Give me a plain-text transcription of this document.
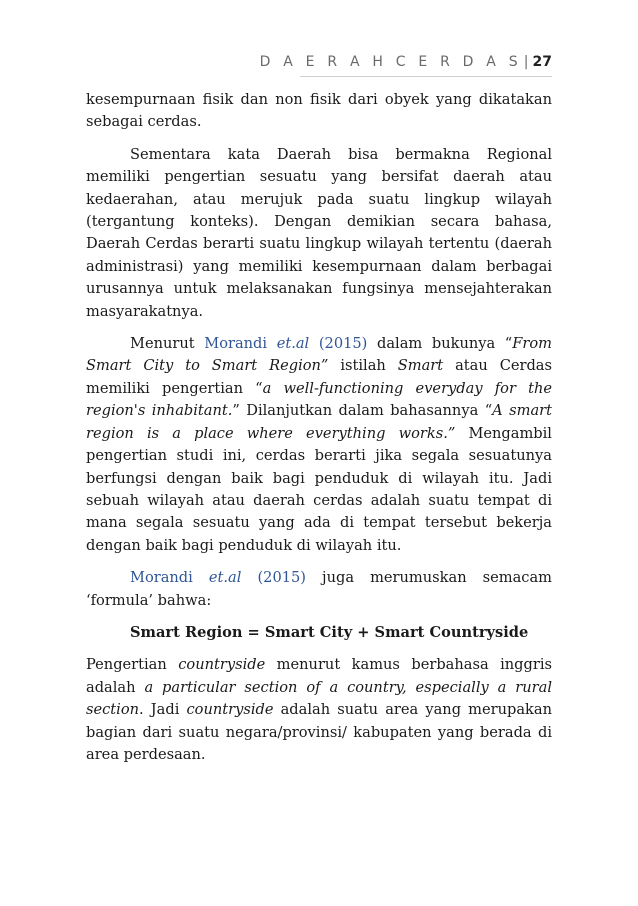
D A E R A H C E R D A S | 27

kesempurnaan fisik dan non fisik dari obyek yang dikatakan sebagai cerdas.

Sementara kata Daerah bisa bermakna Regional memiliki pengertian sesuatu yang bersifat daerah atau kedaerahan, atau merujuk pada suatu lingkup wilayah (tergantung konteks). Dengan demikian secara bahasa, Daerah Cerdas berarti suatu lingkup wilayah tertentu (daerah administrasi) yang memiliki kesempurnaan dalam berbagai urusannya untuk melaksanakan fungsinya mensejahterakan masyarakatnya.

Menurut Morandi et.al (2015) dalam bukunya “From Smart City to Smart Region” istilah Smart atau Cerdas memiliki pengertian “a well-functioning everyday for the region's inhabitant.” Dilanjutkan dalam bahasannya “A smart region is a place where everything works.” Mengambil pengertian studi ini, cerdas berarti jika segala sesuatunya berfungsi dengan baik bagi penduduk di wilayah itu. Jadi sebuah wilayah atau daerah cerdas adalah suatu tempat di mana segala sesuatu yang ada di tempat tersebut bekerja dengan baik bagi penduduk di wilayah itu.

Morandi et.al (2015) juga merumuskan semacam ‘formula’ bahwa:

Smart Region = Smart City + Smart Countryside

Pengertian countryside menurut kamus berbahasa inggris adalah a particular section of a country, especially a rural section. Jadi countryside adalah suatu area yang merupakan bagian dari suatu negara/provinsi/ kabupaten yang berada di area perdesaan.
